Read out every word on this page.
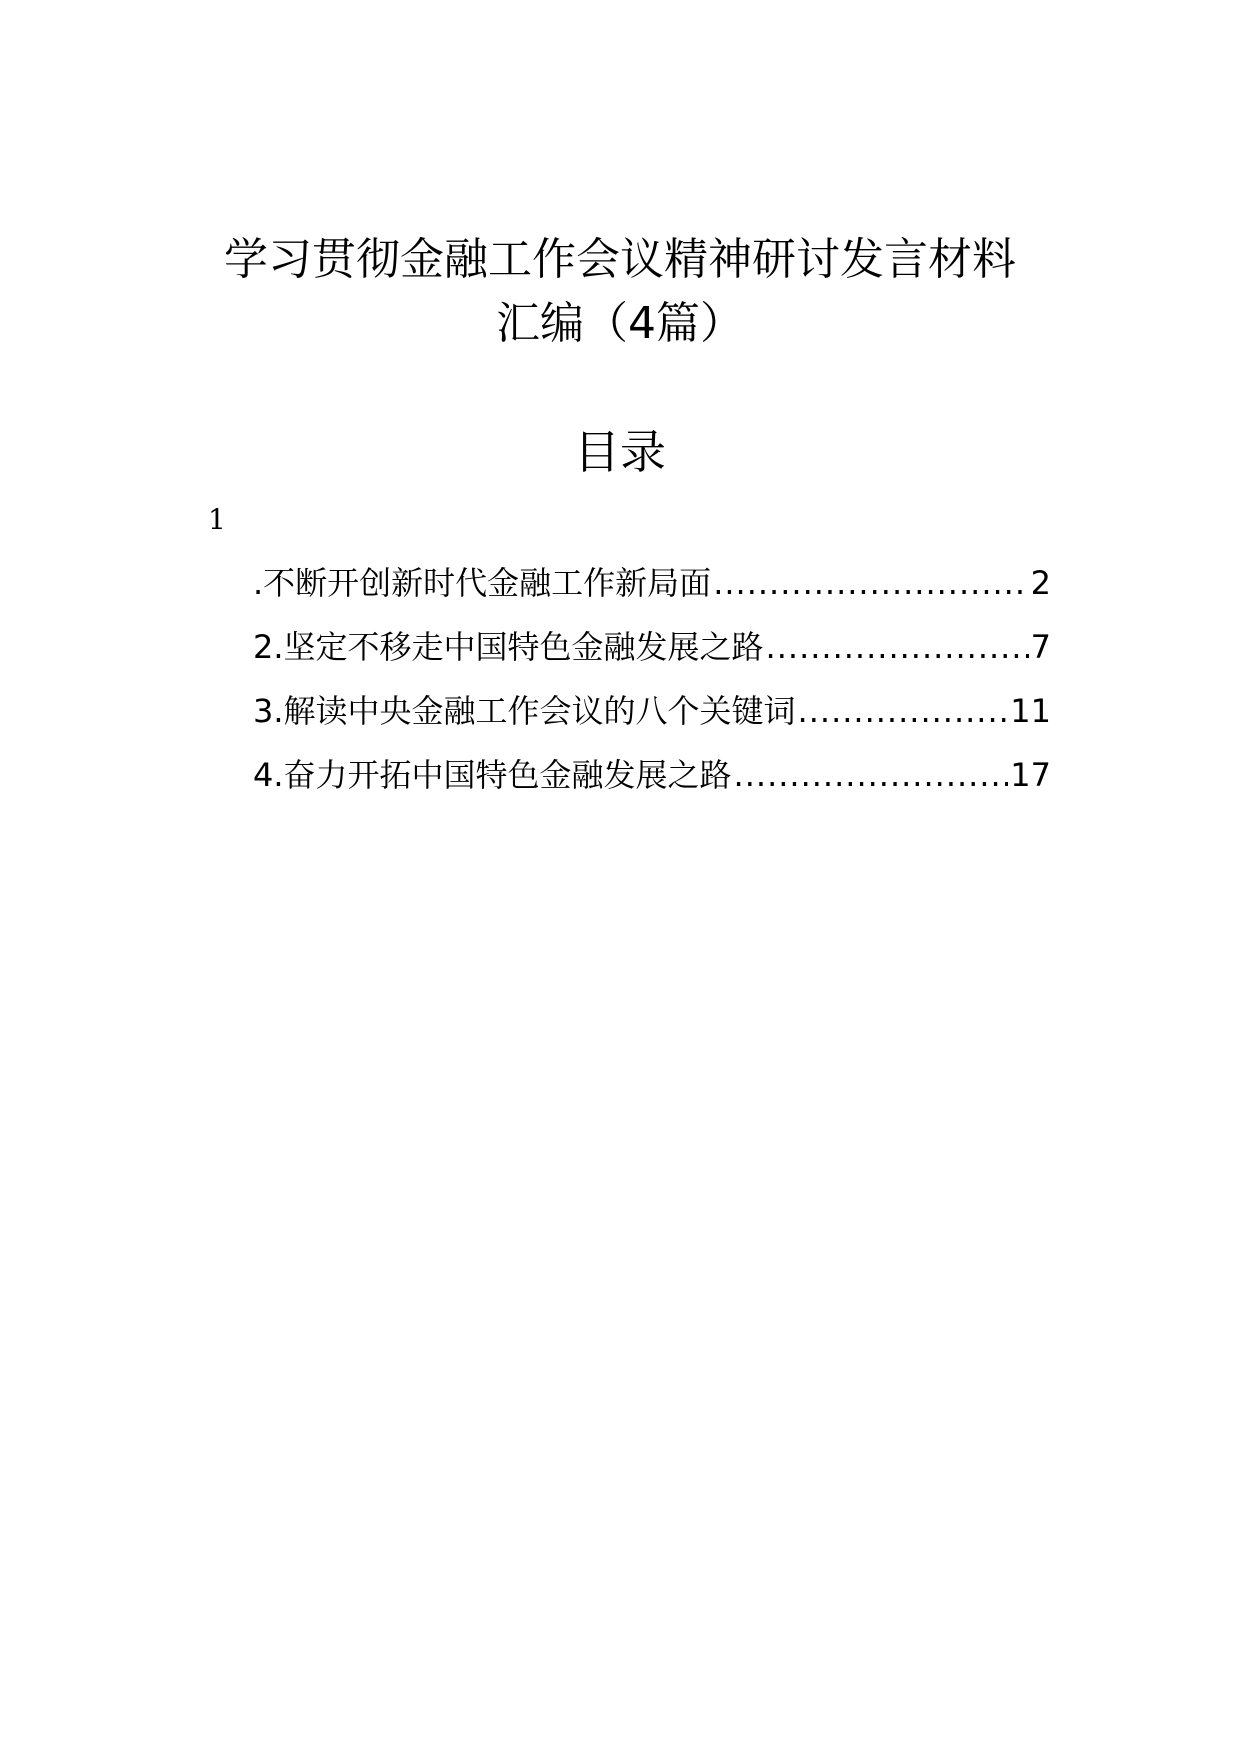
学习贯彻金融工作会议精神研讨发言材料
汇编（4篇）
目录
1
.不断开创新时代金融工作新局面 .....	2
2.坚定不移走中国特色金融发展之路 .....	7
3.解读中央金融工作会议的八个关键词 .....	11
4.奋力开拓中国特色金融发展之路 .....	17
